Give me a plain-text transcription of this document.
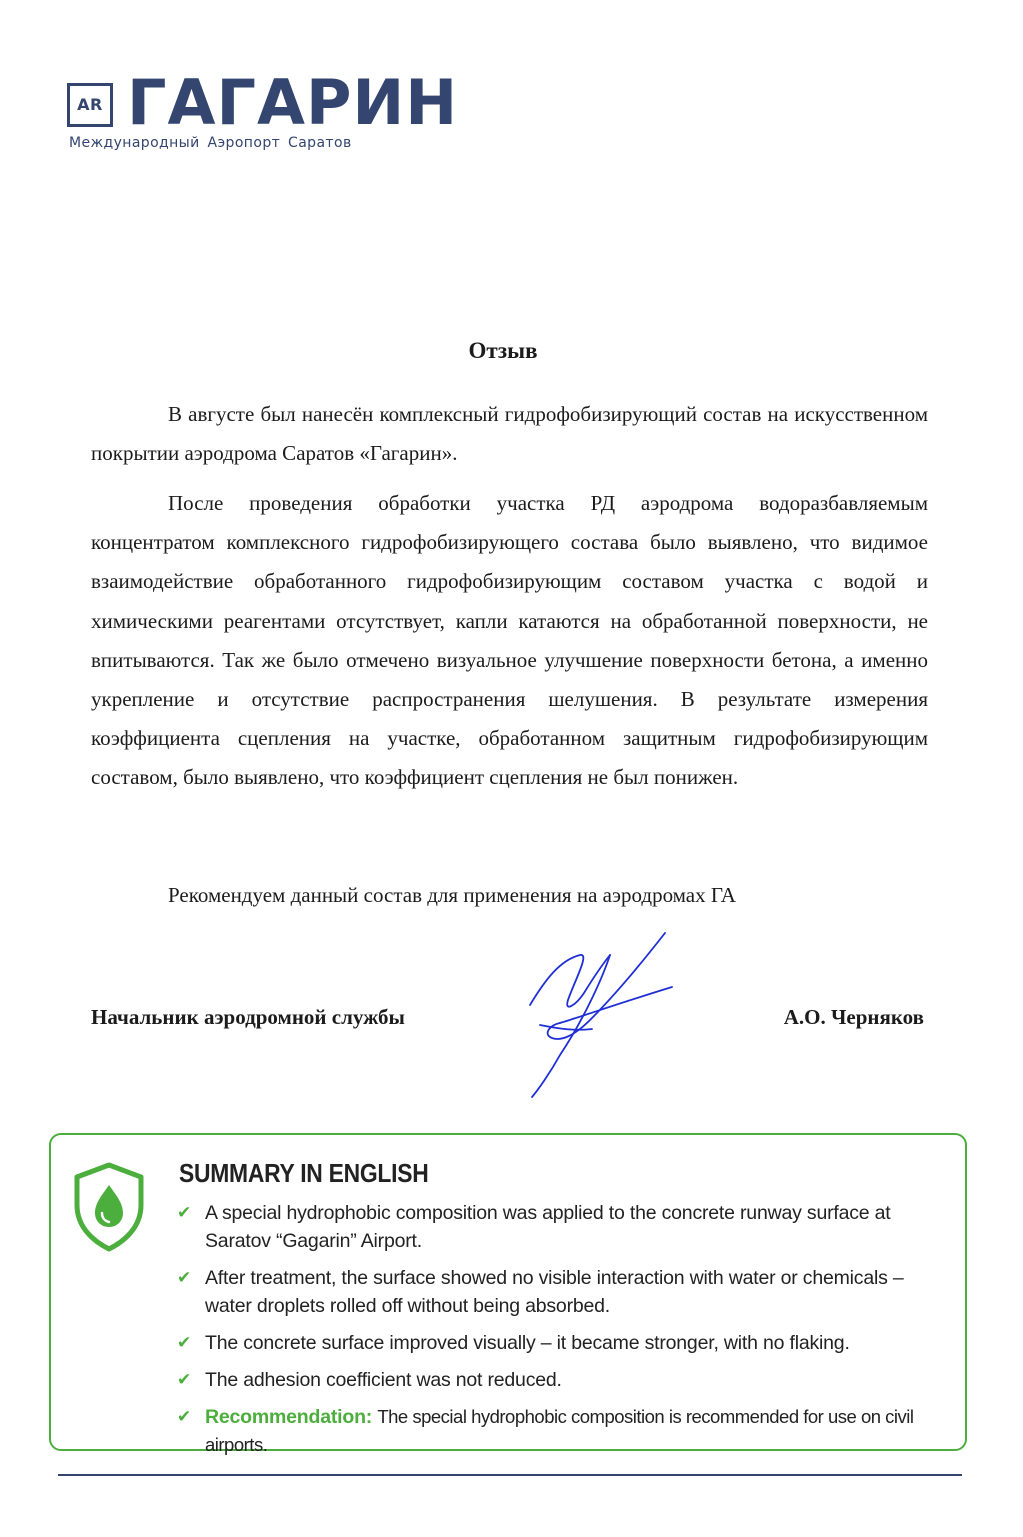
AR ГАГАРИН
Международный Аэропорт Саратов
Отзыв

В августе был нанесён комплексный гидрофобизирующий состав на искусственном покрытии аэродрома Саратов «Гагарин».

После проведения обработки участка РД аэродрома водоразбавляемым концентратом комплексного гидрофобизирующего состава было выявлено, что видимое взаимодействие обработанного гидрофобизирующим составом участка с водой и химическими реагентами отсутствует, капли катаются на обработанной поверхности, не впитываются. Так же было отмечено визуальное улучшение поверхности бетона, а именно укрепление и отсутствие распространения шелушения. В результате измерения коэффициента сцепления на участке, обработанном защитным гидрофобизирующим составом, было выявлено, что коэффициент сцепления не был понижен.

Рекомендуем данный состав для применения на аэродромах ГА
Начальник аэродромной службы	А.О. Черняков
SUMMARY IN ENGLISH
✔ A special hydrophobic composition was applied to the concrete runway surface at Saratov “Gagarin” Airport.
✔ After treatment, the surface showed no visible interaction with water or chemicals – water droplets rolled off without being absorbed.
✔ The concrete surface improved visually – it became stronger, with no flaking.
✔ The adhesion coefficient was not reduced.
✔ Recommendation: The special hydrophobic composition is recommended for use on civil airports.
